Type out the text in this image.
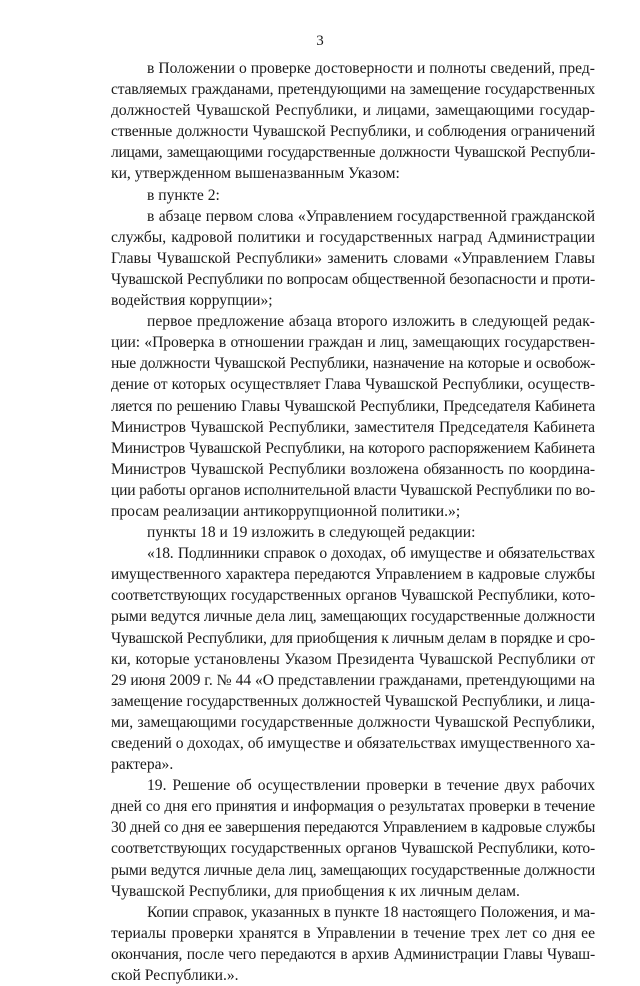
3
в Положении о проверке достоверности и полноты сведений, пред-
ставляемых гражданами, претендующими на замещение государственных
должностей Чувашской Республики, и лицами, замещающими государ-
ственные должности Чувашской Республики, и соблюдения ограничений
лицами, замещающими государственные должности Чувашской Республи-
ки, утвержденном вышеназванным Указом:
в пункте 2:
в абзаце первом слова «Управлением государственной гражданской
службы, кадровой политики и государственных наград Администрации
Главы Чувашской Республики» заменить словами «Управлением Главы
Чувашской Республики по вопросам общественной безопасности и проти-
водействия коррупции»;
первое предложение абзаца второго изложить в следующей редак-
ции: «Проверка в отношении граждан и лиц, замещающих государствен-
ные должности Чувашской Республики, назначение на которые и освобож-
дение от которых осуществляет Глава Чувашской Республики, осуществ-
ляется по решению Главы Чувашской Республики, Председателя Кабинета
Министров Чувашской Республики, заместителя Председателя Кабинета
Министров Чувашской Республики, на которого распоряжением Кабинета
Министров Чувашской Республики возложена обязанность по координа-
ции работы органов исполнительной власти Чувашской Республики по во-
просам реализации антикоррупционной политики.»;
пункты 18 и 19 изложить в следующей редакции:
«18. Подлинники справок о доходах, об имуществе и обязательствах
имущественного характера передаются Управлением в кадровые службы
соответствующих государственных органов Чувашской Республики, кото-
рыми ведутся личные дела лиц, замещающих государственные должности
Чувашской Республики, для приобщения к личным делам в порядке и сро-
ки, которые установлены Указом Президента Чувашской Республики от
29 июня 2009 г. № 44 «О представлении гражданами, претендующими на
замещение государственных должностей Чувашской Республики, и лица-
ми, замещающими государственные должности Чувашской Республики,
сведений о доходах, об имуществе и обязательствах имущественного ха-
рактера».
19. Решение об осуществлении проверки в течение двух рабочих
дней со дня его принятия и информация о результатах проверки в течение
30 дней со дня ее завершения передаются Управлением в кадровые службы
соответствующих государственных органов Чувашской Республики, кото-
рыми ведутся личные дела лиц, замещающих государственные должности
Чувашской Республики, для приобщения к их личным делам.
Копии справок, указанных в пункте 18 настоящего Положения, и ма-
териалы проверки хранятся в Управлении в течение трех лет со дня ее
окончания, после чего передаются в архив Администрации Главы Чуваш-
ской Республики.».
